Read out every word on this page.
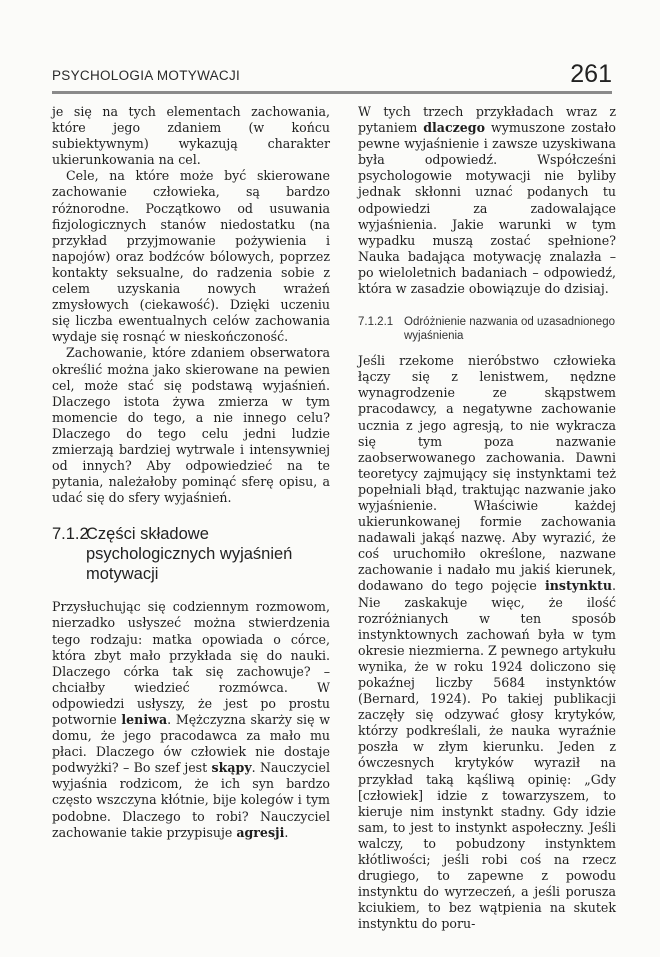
PSYCHOLOGIA MOTYWACJI	261

je się na tych elementach zachowania, które jego zdaniem (w końcu subiektywnym) wykazują charakter ukierunkowania na cel.

Cele, na które może być skierowane zachowanie człowieka, są bardzo różnorodne. Początkowo od usuwania fizjologicznych stanów niedostatku (na przykład przyjmowanie pożywienia i napojów) oraz bodźców bólowych, poprzez kontakty seksualne, do radzenia sobie z celem uzyskania nowych wrażeń zmysłowych (ciekawość). Dzięki uczeniu się liczba ewentualnych celów zachowania wydaje się rosnąć w nieskończoność.

Zachowanie, które zdaniem obserwatora określić można jako skierowane na pewien cel, może stać się podstawą wyjaśnień. Dlaczego istota żywa zmierza w tym momencie do tego, a nie innego celu? Dlaczego do tego celu jedni ludzie zmierzają bardziej wytrwale i intensywniej od innych? Aby odpowiedzieć na te pytania, należałoby pominąć sferę opisu, a udać się do sfery wyjaśnień.

7.1.2
Części składowe psychologicznych wyjaśnień motywacji

Przysłuchując się codziennym rozmowom, nierzadko usłyszeć można stwierdzenia tego rodzaju: matka opowiada o córce, która zbyt mało przykłada się do nauki. Dlaczego córka tak się zachowuje? – chciałby wiedzieć rozmówca. W odpowiedzi usłyszy, że jest po prostu potwornie leniwa. Mężczyzna skarży się w domu, że jego pracodawca za mało mu płaci. Dlaczego ów człowiek nie dostaje podwyżki? – Bo szef jest skąpy. Nauczyciel wyjaśnia rodzicom, że ich syn bardzo często wszczyna kłótnie, bije kolegów i tym podobne. Dlaczego to robi? Nauczyciel zachowanie takie przypisuje agresji.

W tych trzech przykładach wraz z pytaniem dlaczego wymuszone zostało pewne wyjaśnienie i zawsze uzyskiwana była odpowiedź. Współcześni psychologowie motywacji nie byliby jednak skłonni uznać podanych tu odpowiedzi za zadowalające wyjaśnienia. Jakie warunki w tym wypadku muszą zostać spełnione? Nauka badająca motywację znalazła – po wieloletnich badaniach – odpowiedź, która w zasadzie obowiązuje do dzisiaj.

7.1.2.1 Odróżnienie nazwania od uzasadnionego wyjaśnienia

Jeśli rzekome nieróbstwo człowieka łączy się z lenistwem, nędzne wynagrodzenie ze skąpstwem pracodawcy, a negatywne zachowanie ucznia z jego agresją, to nie wykracza się tym poza nazwanie zaobserwowanego zachowania. Dawni teoretycy zajmujący się instynktami też popełniali błąd, traktując nazwanie jako wyjaśnienie. Właściwie każdej ukierunkowanej formie zachowania nadawali jakąś nazwę. Aby wyrazić, że coś uruchomiło określone, nazwane zachowanie i nadało mu jakiś kierunek, dodawano do tego pojęcie instynktu. Nie zaskakuje więc, że ilość rozróżnianych w ten sposób instynktownych zachowań była w tym okresie niezmierna. Z pewnego artykułu wynika, że w roku 1924 doliczono się pokaźnej liczby 5684 instynktów (Bernard, 1924). Po takiej publikacji zaczęły się odzywać głosy krytyków, którzy podkreślali, że nauka wyraźnie poszła w złym kierunku. Jeden z ówczesnych krytyków wyraził na przykład taką kąśliwą opinię: „Gdy [człowiek] idzie z towarzyszem, to kieruje nim instynkt stadny. Gdy idzie sam, to jest to instynkt aspołeczny. Jeśli walczy, to pobudzony instynktem kłótliwości; jeśli robi coś na rzecz drugiego, to zapewne z powodu instynktu do wyrzeczeń, a jeśli porusza kciukiem, to bez wątpienia na skutek instynktu do poru-
